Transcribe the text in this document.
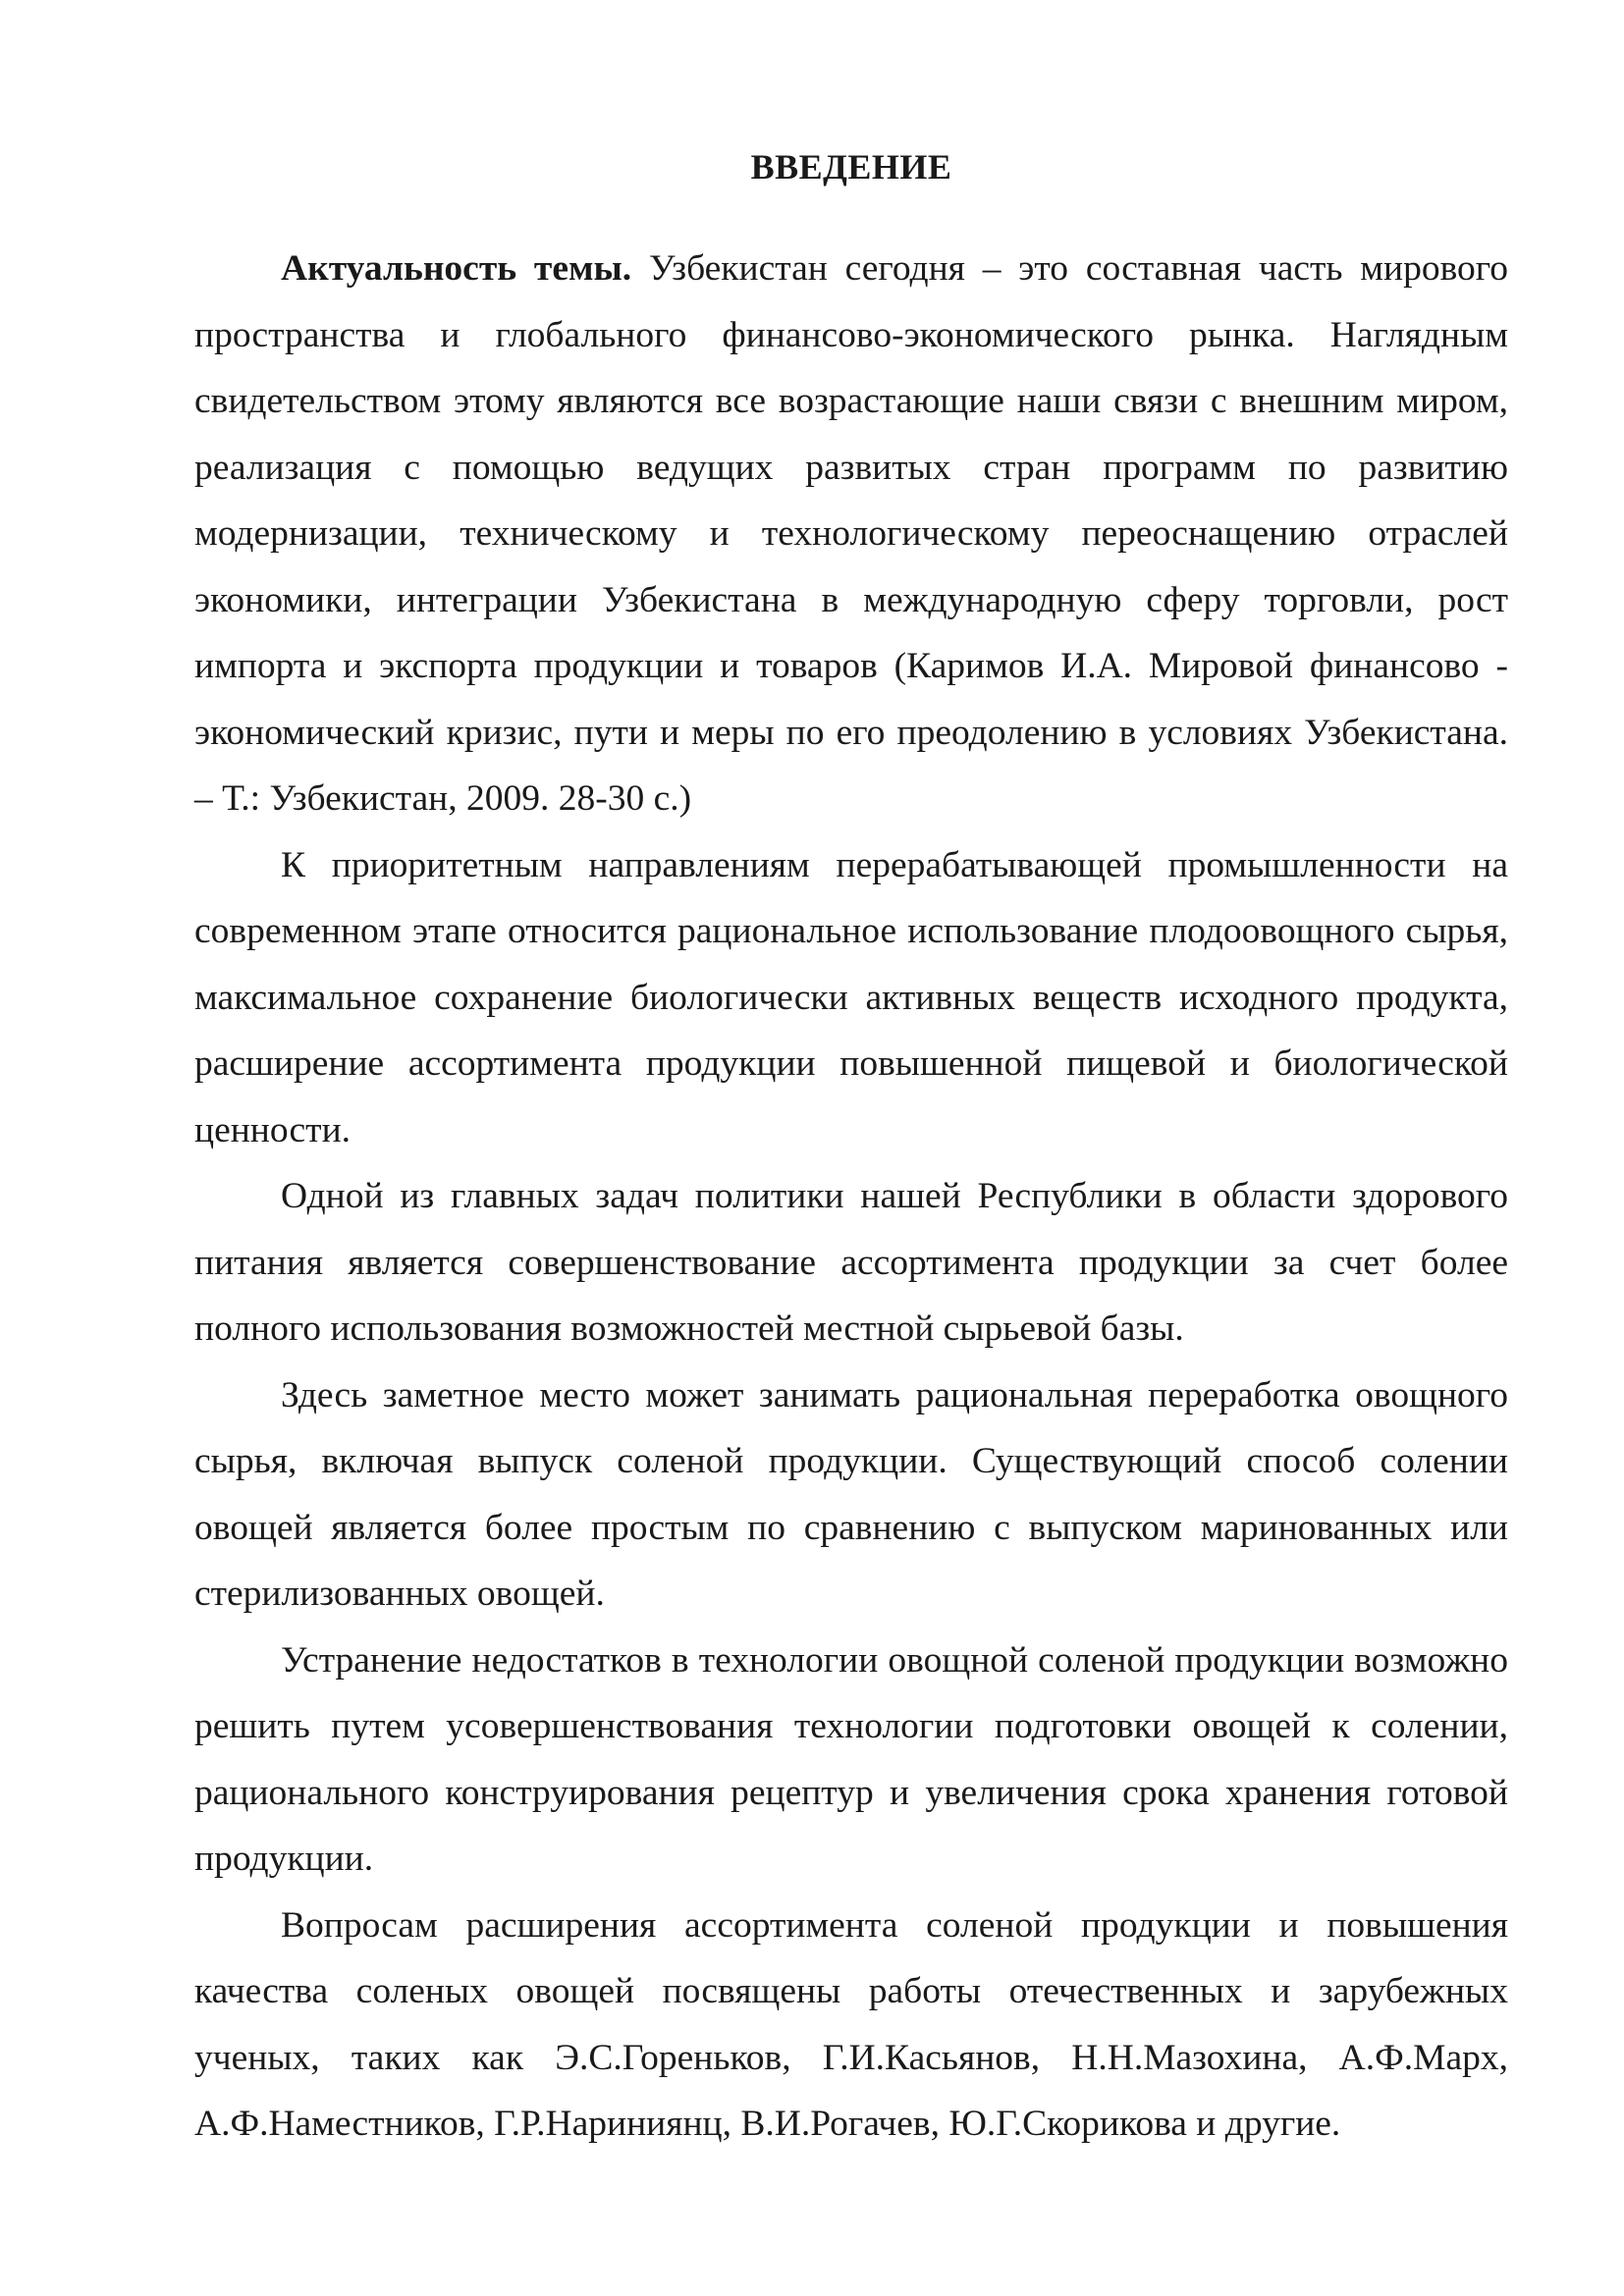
ВВЕДЕНИЕ

Актуальность темы. Узбекистан сегодня – это составная часть мирового пространства и глобального финансово-экономического рынка. Наглядным свидетельством этому являются все возрастающие наши связи с внешним миром, реализация с помощью ведущих развитых стран программ по развитию модернизации, техническому и технологическому переоснащению отраслей экономики, интеграции Узбекистана в международную сферу торговли, рост импорта и экспорта продукции и товаров (Каримов И.А. Мировой финансово - экономический кризис, пути и меры по его преодолению в условиях Узбекистана. – Т.: Узбекистан, 2009. 28-30 с.)

К приоритетным направлениям перерабатывающей промышленности на современном этапе относится рациональное использование плодоовощного сырья, максимальное сохранение биологически активных веществ исходного продукта, расширение ассортимента продукции повышенной пищевой и биологической ценности.

Одной из главных задач политики нашей Республики в области здорового питания является совершенствование ассортимента продукции за счет более полного использования возможностей местной сырьевой базы.

Здесь заметное место может занимать рациональная переработка овощного сырья, включая выпуск соленой продукции. Существующий способ солении овощей является более простым по сравнению с выпуском маринованных или стерилизованных овощей.

Устранение недостатков в технологии овощной соленой продукции возможно решить путем усовершенствования технологии подготовки овощей к солении, рационального конструирования рецептур и увеличения срока хранения готовой продукции.

Вопросам расширения ассортимента соленой продукции и повышения качества соленых овощей посвящены работы отечественных и зарубежных ученых, таких как Э.С.Гореньков, Г.И.Касьянов, Н.Н.Мазохина, А.Ф.Марх, А.Ф.Наместников, Г.Р.Нариниянц, В.И.Рогачев, Ю.Г.Скорикова и другие.
